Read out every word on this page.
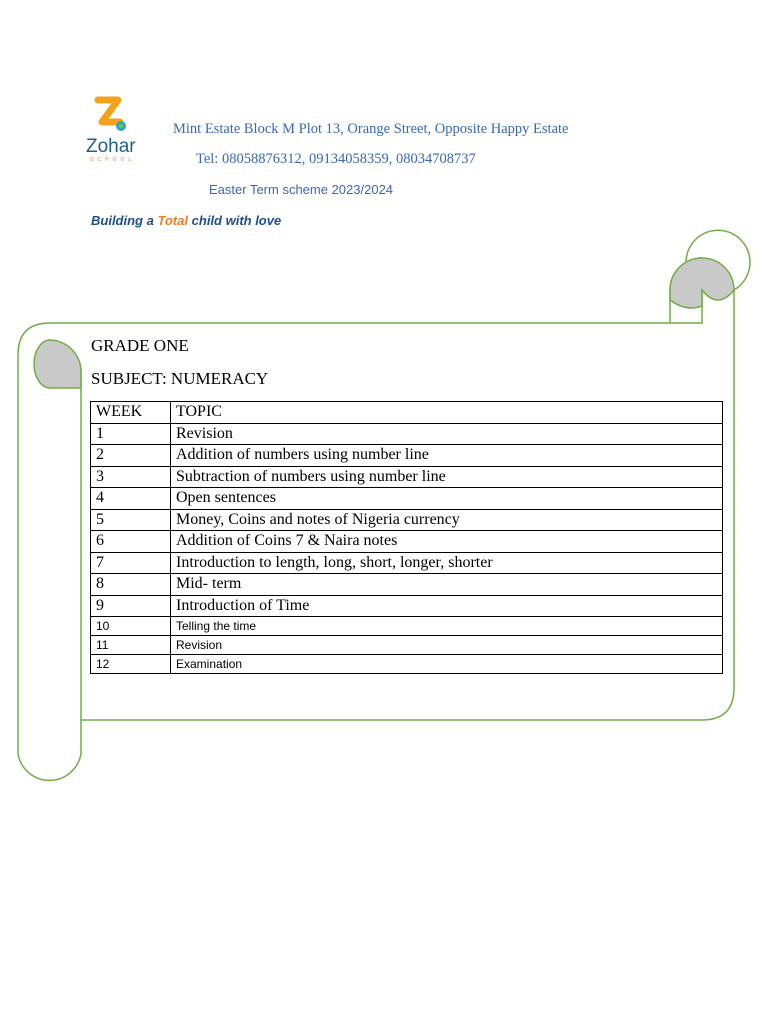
Zohar
SCHOOL
Mint Estate Block M Plot 13, Orange Street, Opposite Happy Estate
Tel: 08058876312, 09134058359, 08034708737
Easter Term scheme 2023/2024
Building a Total child with love
GRADE ONE
SUBJECT: NUMERACY
WEEK	TOPIC
1	Revision
2	Addition of numbers using number line
3	Subtraction of numbers using number line
4	Open sentences
5	Money, Coins and notes of Nigeria currency
6	Addition of Coins 7 & Naira notes
7	Introduction to length, long, short, longer, shorter
8	Mid- term
9	Introduction of Time
10	Telling the time
11	Revision
12	Examination
